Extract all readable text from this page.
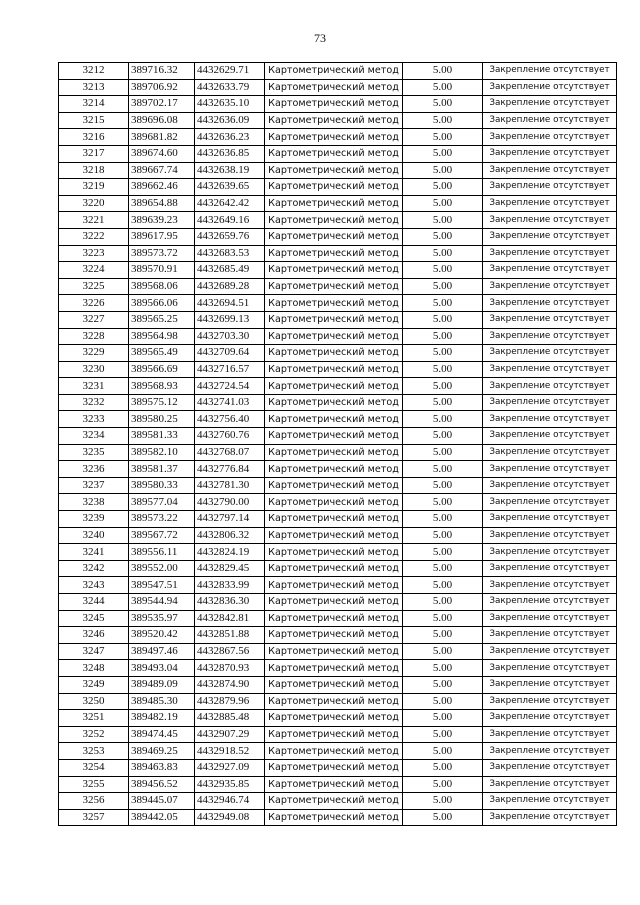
73
3212	389716.32	4432629.71	Картометрический метод	5.00	Закрепление отсутствует
3213	389706.92	4432633.79	Картометрический метод	5.00	Закрепление отсутствует
3214	389702.17	4432635.10	Картометрический метод	5.00	Закрепление отсутствует
3215	389696.08	4432636.09	Картометрический метод	5.00	Закрепление отсутствует
3216	389681.82	4432636.23	Картометрический метод	5.00	Закрепление отсутствует
3217	389674.60	4432636.85	Картометрический метод	5.00	Закрепление отсутствует
3218	389667.74	4432638.19	Картометрический метод	5.00	Закрепление отсутствует
3219	389662.46	4432639.65	Картометрический метод	5.00	Закрепление отсутствует
3220	389654.88	4432642.42	Картометрический метод	5.00	Закрепление отсутствует
3221	389639.23	4432649.16	Картометрический метод	5.00	Закрепление отсутствует
3222	389617.95	4432659.76	Картометрический метод	5.00	Закрепление отсутствует
3223	389573.72	4432683.53	Картометрический метод	5.00	Закрепление отсутствует
3224	389570.91	4432685.49	Картометрический метод	5.00	Закрепление отсутствует
3225	389568.06	4432689.28	Картометрический метод	5.00	Закрепление отсутствует
3226	389566.06	4432694.51	Картометрический метод	5.00	Закрепление отсутствует
3227	389565.25	4432699.13	Картометрический метод	5.00	Закрепление отсутствует
3228	389564.98	4432703.30	Картометрический метод	5.00	Закрепление отсутствует
3229	389565.49	4432709.64	Картометрический метод	5.00	Закрепление отсутствует
3230	389566.69	4432716.57	Картометрический метод	5.00	Закрепление отсутствует
3231	389568.93	4432724.54	Картометрический метод	5.00	Закрепление отсутствует
3232	389575.12	4432741.03	Картометрический метод	5.00	Закрепление отсутствует
3233	389580.25	4432756.40	Картометрический метод	5.00	Закрепление отсутствует
3234	389581.33	4432760.76	Картометрический метод	5.00	Закрепление отсутствует
3235	389582.10	4432768.07	Картометрический метод	5.00	Закрепление отсутствует
3236	389581.37	4432776.84	Картометрический метод	5.00	Закрепление отсутствует
3237	389580.33	4432781.30	Картометрический метод	5.00	Закрепление отсутствует
3238	389577.04	4432790.00	Картометрический метод	5.00	Закрепление отсутствует
3239	389573.22	4432797.14	Картометрический метод	5.00	Закрепление отсутствует
3240	389567.72	4432806.32	Картометрический метод	5.00	Закрепление отсутствует
3241	389556.11	4432824.19	Картометрический метод	5.00	Закрепление отсутствует
3242	389552.00	4432829.45	Картометрический метод	5.00	Закрепление отсутствует
3243	389547.51	4432833.99	Картометрический метод	5.00	Закрепление отсутствует
3244	389544.94	4432836.30	Картометрический метод	5.00	Закрепление отсутствует
3245	389535.97	4432842.81	Картометрический метод	5.00	Закрепление отсутствует
3246	389520.42	4432851.88	Картометрический метод	5.00	Закрепление отсутствует
3247	389497.46	4432867.56	Картометрический метод	5.00	Закрепление отсутствует
3248	389493.04	4432870.93	Картометрический метод	5.00	Закрепление отсутствует
3249	389489.09	4432874.90	Картометрический метод	5.00	Закрепление отсутствует
3250	389485.30	4432879.96	Картометрический метод	5.00	Закрепление отсутствует
3251	389482.19	4432885.48	Картометрический метод	5.00	Закрепление отсутствует
3252	389474.45	4432907.29	Картометрический метод	5.00	Закрепление отсутствует
3253	389469.25	4432918.52	Картометрический метод	5.00	Закрепление отсутствует
3254	389463.83	4432927.09	Картометрический метод	5.00	Закрепление отсутствует
3255	389456.52	4432935.85	Картометрический метод	5.00	Закрепление отсутствует
3256	389445.07	4432946.74	Картометрический метод	5.00	Закрепление отсутствует
3257	389442.05	4432949.08	Картометрический метод	5.00	Закрепление отсутствует
